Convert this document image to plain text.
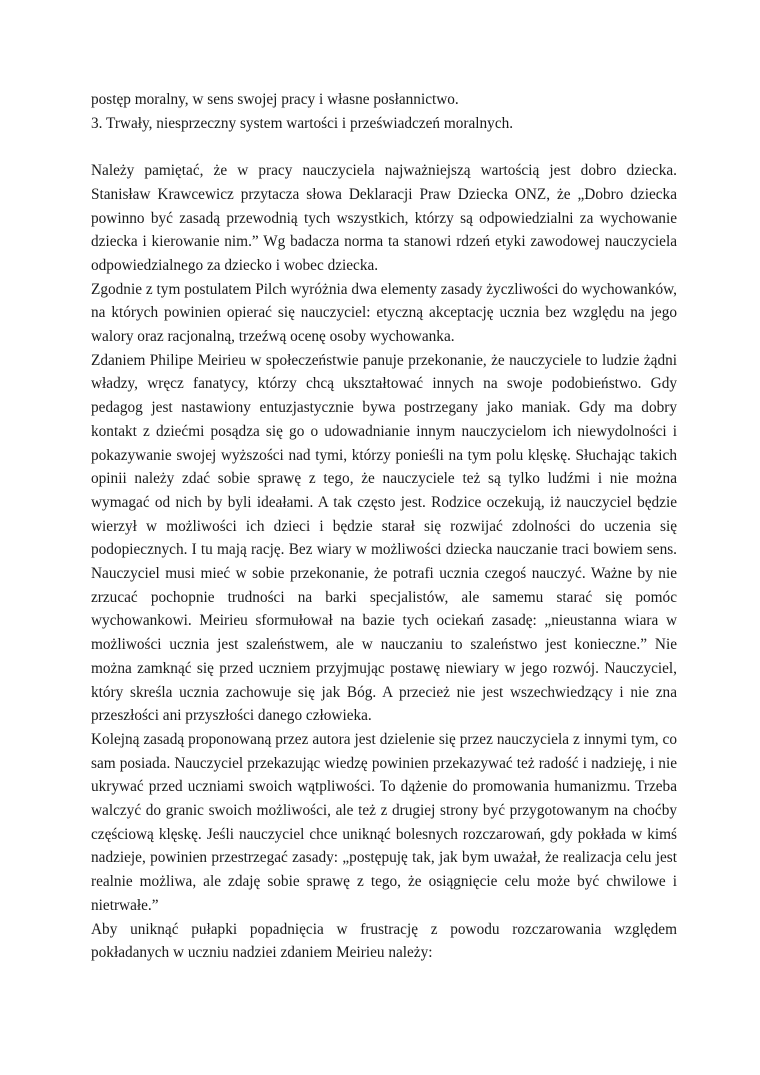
postęp moralny, w sens swojej pracy i własne posłannictwo.

3. Trwały, niesprzeczny system wartości i przeświadczeń moralnych.

Należy pamiętać, że w pracy nauczyciela najważniejszą wartością jest dobro dziecka. Stanisław Krawcewicz przytacza słowa Deklaracji Praw Dziecka ONZ, że „Dobro dziecka powinno być zasadą przewodnią tych wszystkich, którzy są odpowiedzialni za wychowanie dziecka i kierowanie nim.” Wg badacza norma ta stanowi rdzeń etyki zawodowej nauczyciela odpowiedzialnego za dziecko i wobec dziecka.

Zgodnie z tym postulatem Pilch wyróżnia dwa elementy zasady życzliwości do wychowanków, na których powinien opierać się nauczyciel: etyczną akceptację ucznia bez względu na jego walory oraz racjonalną, trzeźwą ocenę osoby wychowanka.

Zdaniem Philipe Meirieu w społeczeństwie panuje przekonanie, że nauczyciele to ludzie żądni władzy, wręcz fanatycy, którzy chcą ukształtować innych na swoje podobieństwo. Gdy pedagog jest nastawiony entuzjastycznie bywa postrzegany jako maniak. Gdy ma dobry kontakt z dziećmi posądza się go o udowadnianie innym nauczycielom ich niewydolności i pokazywanie swojej wyższości nad tymi, którzy ponieśli na tym polu klęskę. Słuchając takich opinii należy zdać sobie sprawę z tego, że nauczyciele też są tylko ludźmi i nie można wymagać od nich by byli ideałami. A tak często jest. Rodzice oczekują, iż nauczyciel będzie wierzył w możliwości ich dzieci i będzie starał się rozwijać zdolności do uczenia się podopiecznych. I tu mają rację. Bez wiary w możliwości dziecka nauczanie traci bowiem sens. Nauczyciel musi mieć w sobie przekonanie, że potrafi ucznia czegoś nauczyć. Ważne by nie zrzucać pochopnie trudności na barki specjalistów, ale samemu starać się pomóc wychowankowi. Meirieu sformułował na bazie tych ociekań zasadę: „nieustanna wiara w możliwości ucznia jest szaleństwem, ale w nauczaniu to szaleństwo jest konieczne.” Nie można zamknąć się przed uczniem przyjmując postawę niewiary w jego rozwój. Nauczyciel, który skreśla ucznia zachowuje się jak Bóg. A przecież nie jest wszechwiedzący i nie zna przeszłości ani przyszłości danego człowieka.

Kolejną zasadą proponowaną przez autora jest dzielenie się przez nauczyciela z innymi tym, co sam posiada. Nauczyciel przekazując wiedzę powinien przekazywać też radość i nadzieję, i nie ukrywać przed uczniami swoich wątpliwości. To dążenie do promowania humanizmu. Trzeba walczyć do granic swoich możliwości, ale też z drugiej strony być przygotowanym na choćby częściową klęskę. Jeśli nauczyciel chce uniknąć bolesnych rozczarowań, gdy pokłada w kimś nadzieje, powinien przestrzegać zasady: „postępuję tak, jak bym uważał, że realizacja celu jest realnie możliwa, ale zdaję sobie sprawę z tego, że osiągnięcie celu może być chwilowe i nietrwałe.”

Aby uniknąć pułapki popadnięcia w frustrację z powodu rozczarowania względem pokładanych w uczniu nadziei zdaniem Meirieu należy:
